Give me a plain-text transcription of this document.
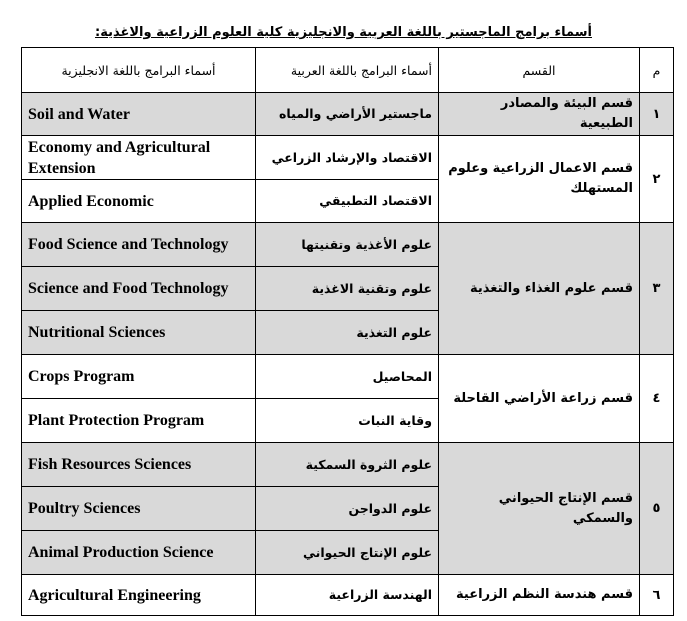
أسماء برامج الماجستير باللغة العربية والانجليزية كلية العلوم الزراعية والاغذية:
أسماء البرامج باللغة الانجليزية	أسماء البرامج باللغة العربية	القسم	م
Soil and Water	ماجستير الأراضي والمياه	قسم البيئة والمصادر الطبيعية	١
Economy and Agricultural Extension	الاقتصاد والإرشاد الزراعي	قسم الاعمال الزراعية وعلوم المستهلك	٢
Applied Economic	الاقتصاد التطبيقي		
Food Science and Technology	علوم الأغذية وتقنيتها	قسم علوم الغذاء والتغذية	٣
Science and Food Technology	علوم وتقنية الاغذية		
Nutritional Sciences	علوم التغذية		
Crops Program	المحاصيل	قسم زراعة الأراضي القاحلة	٤
Plant Protection Program	وقاية النبات		
Fish Resources Sciences	علوم الثروة السمكية	قسم الإنتاج الحيواني والسمكي	٥
Poultry Sciences	علوم الدواجن		
Animal Production Science	علوم الإنتاج الحيواني		
Agricultural Engineering	الهندسة الزراعية	قسم هندسة النظم الزراعية	٦
